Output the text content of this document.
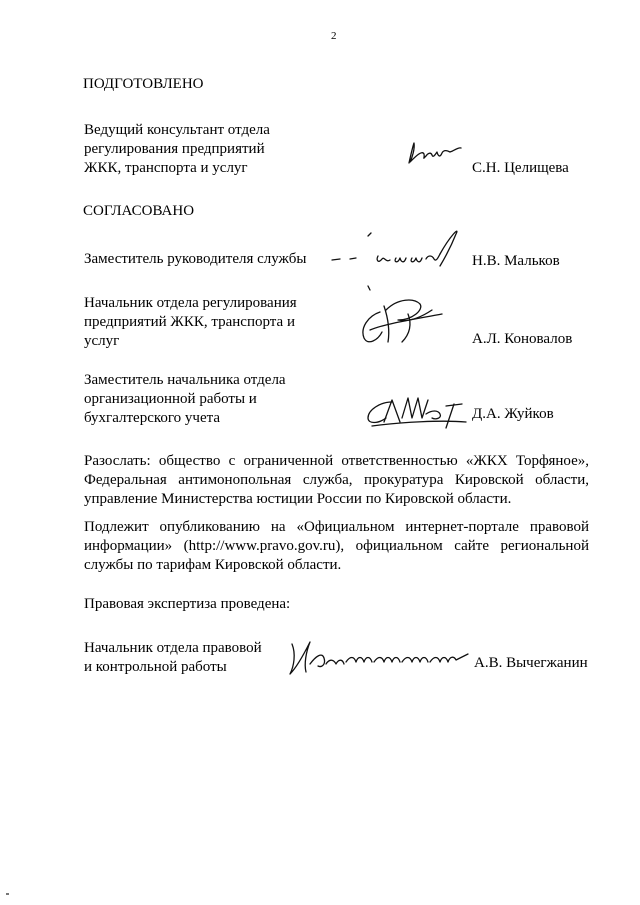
2
ПОДГОТОВЛЕНО
Ведущий консультант отдела
регулирования предприятий
ЖКК, транспорта и услуг	С.Н. Целищева
СОГЛАСОВАНО
Заместитель руководителя службы	Н.В. Мальков
Начальник отдела регулирования
предприятий ЖКК, транспорта и
услуг	А.Л. Коновалов
Заместитель начальника отдела
организационной работы и
бухгалтерского учета	Д.А. Жуйков
Разослать: общество с ограниченной ответственностью «ЖКХ Торфяное»,
Федеральная антимонопольная служба, прокуратура Кировской области,
управление Министерства юстиции России по Кировской области.
Подлежит опубликованию на «Официальном интернет-портале правовой
информации» (http://www.pravo.gov.ru), официальном сайте региональной
службы по тарифам Кировской области.
Правовая экспертиза проведена:
Начальник отдела правовой
и контрольной работы	А.В. Вычегжанин
